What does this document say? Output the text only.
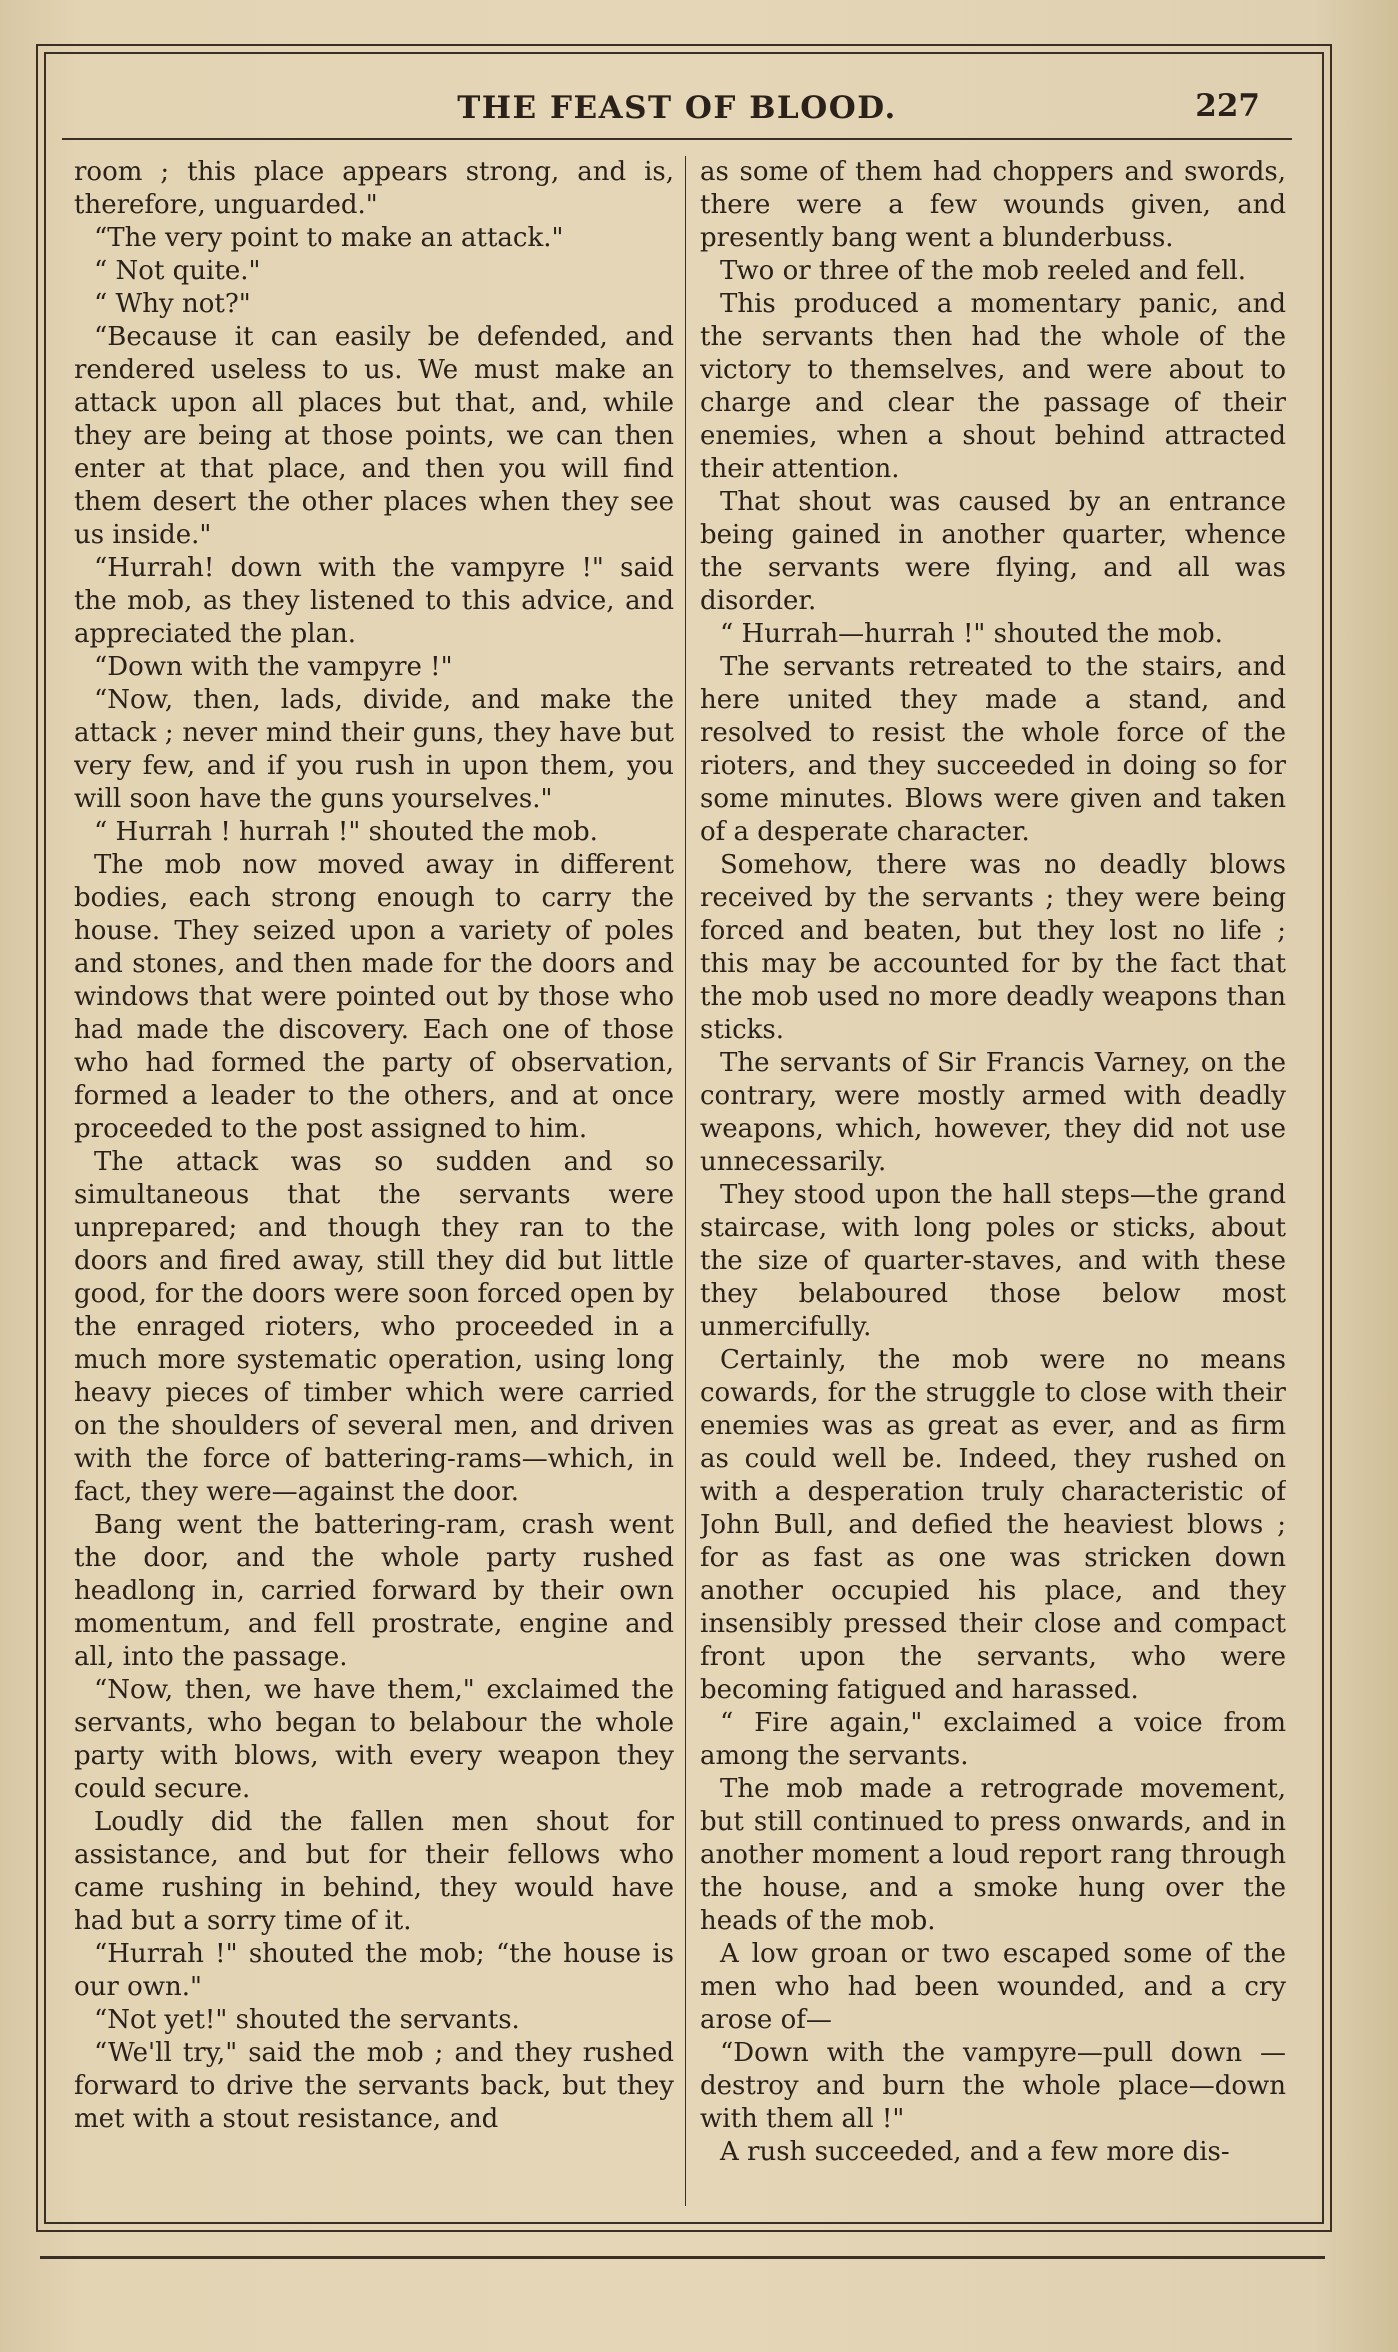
THE FEAST OF BLOOD.	227

room ; this place appears strong, and is, therefore, unguarded."

“The very point to make an attack."

“ Not quite."

“ Why not?"

“Because it can easily be defended, and rendered useless to us. We must make an attack upon all places but that, and, while they are being at those points, we can then enter at that place, and then you will find them desert the other places when they see us inside."

“Hurrah! down with the vampyre !" said the mob, as they listened to this advice, and appreciated the plan.

“Down with the vampyre !"

“Now, then, lads, divide, and make the attack ; never mind their guns, they have but very few, and if you rush in upon them, you will soon have the guns yourselves."

“ Hurrah ! hurrah !" shouted the mob.

The mob now moved away in different bodies, each strong enough to carry the house. They seized upon a variety of poles and stones, and then made for the doors and windows that were pointed out by those who had made the discovery. Each one of those who had formed the party of observation, formed a leader to the others, and at once proceeded to the post assigned to him.

The attack was so sudden and so simultaneous that the servants were unprepared; and though they ran to the doors and fired away, still they did but little good, for the doors were soon forced open by the enraged rioters, who proceeded in a much more systematic operation, using long heavy pieces of timber which were carried on the shoulders of several men, and driven with the force of battering-rams—which, in fact, they were—against the door.

Bang went the battering-ram, crash went the door, and the whole party rushed headlong in, carried forward by their own momentum, and fell prostrate, engine and all, into the passage.

“Now, then, we have them," exclaimed the servants, who began to belabour the whole party with blows, with every weapon they could secure.

Loudly did the fallen men shout for assistance, and but for their fellows who came rushing in behind, they would have had but a sorry time of it.

“Hurrah !" shouted the mob; “the house is our own."

“Not yet!" shouted the servants.

“We'll try," said the mob ; and they rushed forward to drive the servants back, but they met with a stout resistance, and

as some of them had choppers and swords, there were a few wounds given, and presently bang went a blunderbuss.

Two or three of the mob reeled and fell.

This produced a momentary panic, and the servants then had the whole of the victory to themselves, and were about to charge and clear the passage of their enemies, when a shout behind attracted their attention.

That shout was caused by an entrance being gained in another quarter, whence the servants were flying, and all was disorder.

“ Hurrah—hurrah !" shouted the mob.

The servants retreated to the stairs, and here united they made a stand, and resolved to resist the whole force of the rioters, and they succeeded in doing so for some minutes. Blows were given and taken of a desperate character.

Somehow, there was no deadly blows received by the servants ; they were being forced and beaten, but they lost no life ; this may be accounted for by the fact that the mob used no more deadly weapons than sticks.

The servants of Sir Francis Varney, on the contrary, were mostly armed with deadly weapons, which, however, they did not use unnecessarily.

They stood upon the hall steps—the grand staircase, with long poles or sticks, about the size of quarter-staves, and with these they belaboured those below most unmercifully.

Certainly, the mob were no means cowards, for the struggle to close with their enemies was as great as ever, and as firm as could well be. Indeed, they rushed on with a desperation truly characteristic of John Bull, and defied the heaviest blows ; for as fast as one was stricken down another occupied his place, and they insensibly pressed their close and compact front upon the servants, who were becoming fatigued and harassed.

“ Fire again," exclaimed a voice from among the servants.

The mob made a retrograde movement, but still continued to press onwards, and in another moment a loud report rang through the house, and a smoke hung over the heads of the mob.

A low groan or two escaped some of the men who had been wounded, and a cry arose of—

“Down with the vampyre—pull down —destroy and burn the whole place—down with them all !"

A rush succeeded, and a few more dis-
